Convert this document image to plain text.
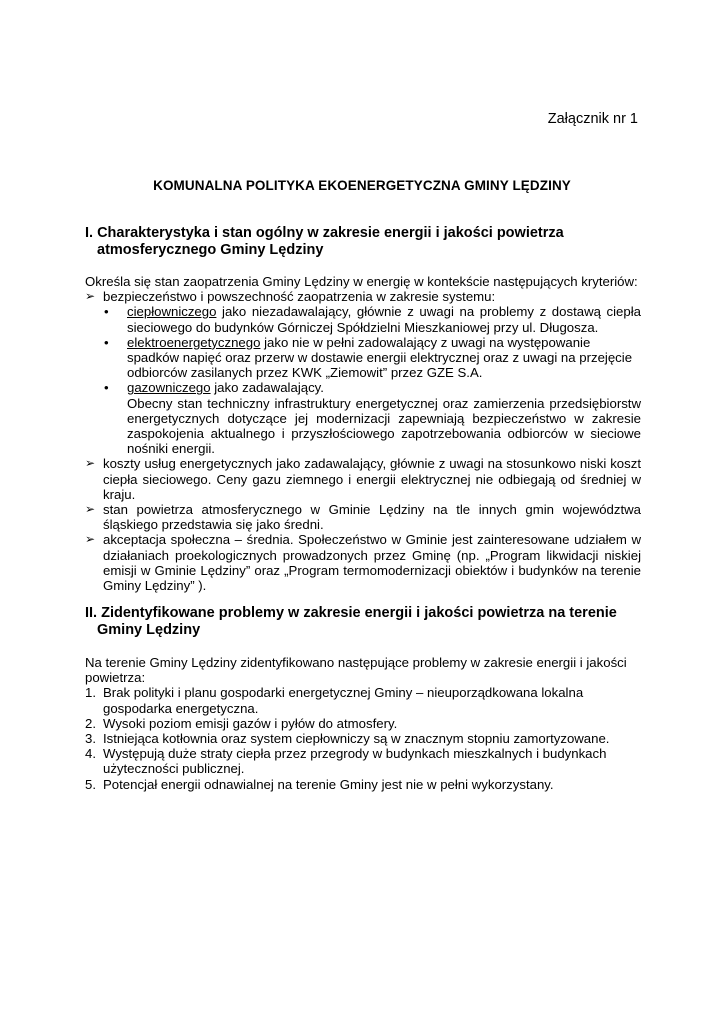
Załącznik nr 1
KOMUNALNA POLITYKA EKOENERGETYCZNA GMINY LĘDZINY
I. Charakterystyka i stan ogólny w zakresie energii i jakości powietrza
atmosferycznego Gminy Lędziny

Określa się stan zaopatrzenia Gminy Lędziny w energię w kontekście następujących kryteriów:

➢ bezpieczeństwo i powszechność zaopatrzenia w zakresie systemu:
• ciepłowniczego jako niezadawalający, głównie z uwagi na problemy z dostawą ciepła sieciowego do budynków Górniczej Spółdzielni Mieszkaniowej przy ul. Długosza.
• elektroenergetycznego jako nie w pełni zadowalający z uwagi na występowanie spadków napięć oraz przerw w dostawie energii elektrycznej oraz z uwagi na przejęcie odbiorców zasilanych przez KWK „Ziemowit” przez GZE S.A.
• gazowniczego jako zadawalający.
Obecny stan techniczny infrastruktury energetycznej oraz zamierzenia przedsiębiorstw energetycznych dotyczące jej modernizacji zapewniają bezpieczeństwo w zakresie zaspokojenia aktualnego i przyszłościowego zapotrzebowania odbiorców w sieciowe nośniki energii.
➢ koszty usług energetycznych jako zadawalający, głównie z uwagi na stosunkowo niski koszt ciepła sieciowego. Ceny gazu ziemnego i energii elektrycznej nie odbiegają od średniej w kraju.
➢ stan powietrza atmosferycznego w Gminie Lędziny na tle innych gmin województwa śląskiego przedstawia się jako średni.
➢ akceptacja społeczna – średnia. Społeczeństwo w Gminie jest zainteresowane udziałem w działaniach proekologicznych prowadzonych przez Gminę (np. „Program likwidacji niskiej emisji w Gminie Lędziny” oraz „Program termomodernizacji obiektów i budynków na terenie Gminy Lędziny” ).
II. Zidentyfikowane problemy w zakresie energii i jakości powietrza na terenie
Gminy Lędziny

Na terenie Gminy Lędziny zidentyfikowano następujące problemy w zakresie energii i jakości powietrza:

1. Brak polityki i planu gospodarki energetycznej Gminy – nieuporządkowana lokalna gospodarka energetyczna.
2. Wysoki poziom emisji gazów i pyłów do atmosfery.
3. Istniejąca kotłownia oraz system ciepłowniczy są w znacznym stopniu zamortyzowane.
4. Występują duże straty ciepła przez przegrody w budynkach mieszkalnych i budynkach użyteczności publicznej.
5. Potencjał energii odnawialnej na terenie Gminy jest nie w pełni wykorzystany.
